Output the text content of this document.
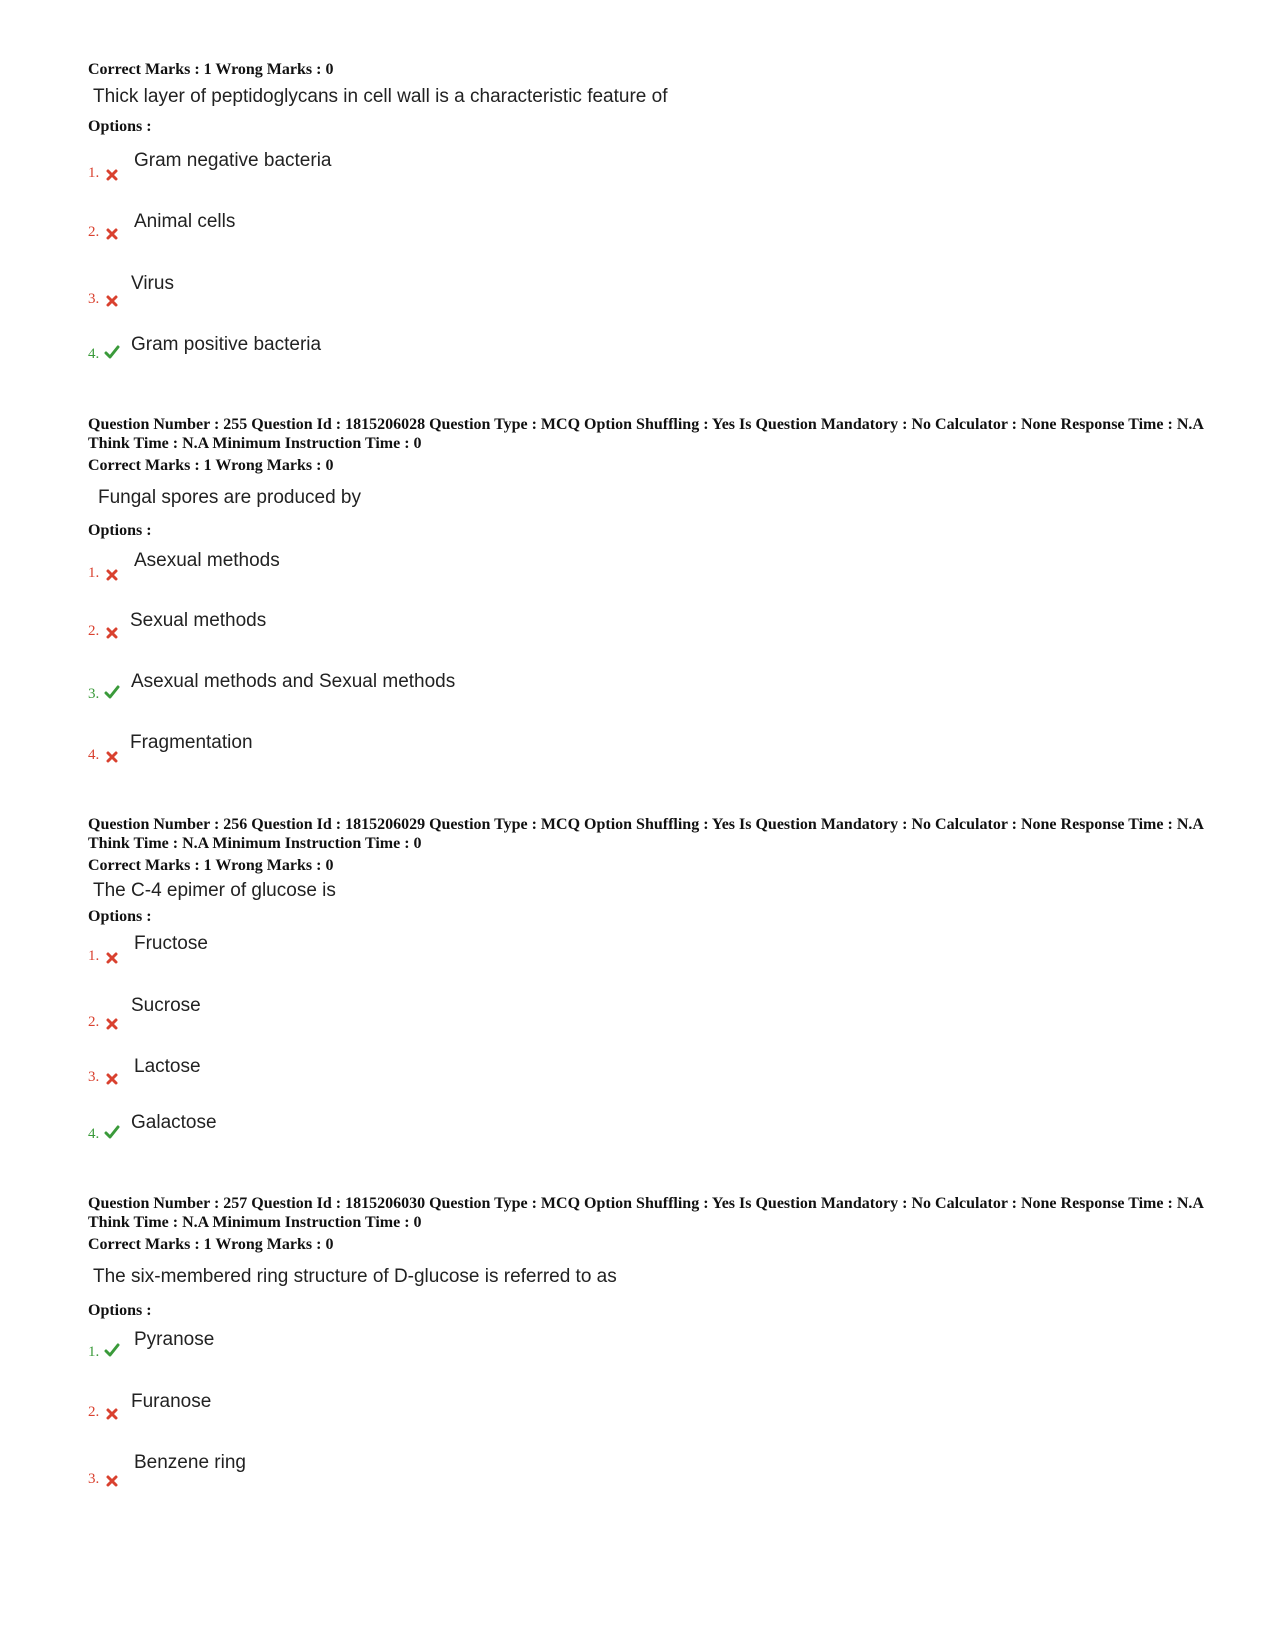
Correct Marks : 1 Wrong Marks : 0
Thick layer of peptidoglycans in cell wall is a characteristic feature of
Options :
1.
Gram negative bacteria
2. Animal cells
3.
Virus
4. Gram positive bacteria
Question Number : 255 Question Id : 1815206028 Question Type : MCQ Option Shuffling : Yes Is Question Mandatory : No Calculator : None Response Time : N.A Think Time : N.A Minimum Instruction Time : 0
Correct Marks : 1 Wrong Marks : 0
Fungal spores are produced by
Options :
1.
Asexual methods
2. Sexual methods
3.
Asexual methods and Sexual methods
4.
Fragmentation
Question Number : 256 Question Id : 1815206029 Question Type : MCQ Option Shuffling : Yes Is Question Mandatory : No Calculator : None Response Time : N.A Think Time : N.A Minimum Instruction Time : 0
Correct Marks : 1 Wrong Marks : 0
The C-4 epimer of glucose is
Options :
1.
Fructose
2.
Sucrose
3. Lactose
4.
Galactose
Question Number : 257 Question Id : 1815206030 Question Type : MCQ Option Shuffling : Yes Is Question Mandatory : No Calculator : None Response Time : N.A Think Time : N.A Minimum Instruction Time : 0
Correct Marks : 1 Wrong Marks : 0
The six-membered ring structure of D-glucose is referred to as
Options :
1.
Pyranose
2. Furanose
3.
Benzene ring
